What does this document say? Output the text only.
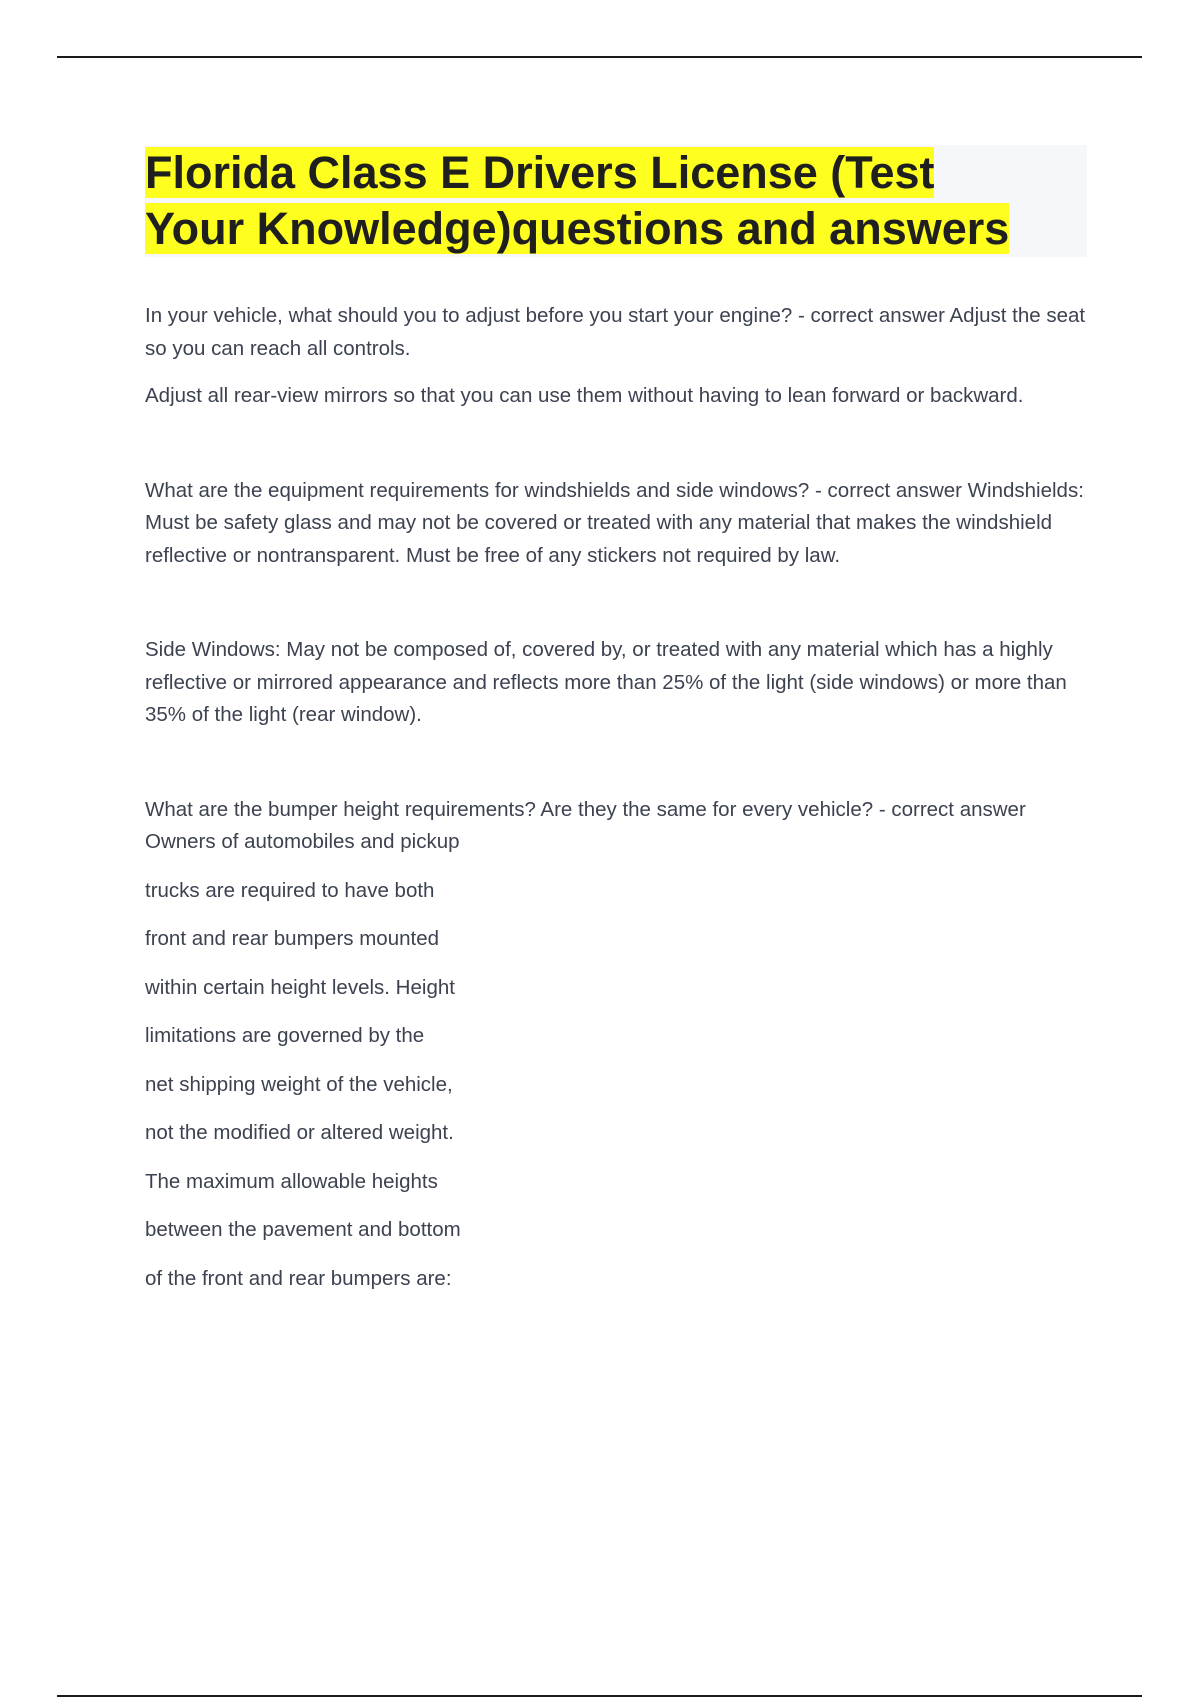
Florida Class E Drivers License (Test
Your Knowledge)questions and answers

In your vehicle, what should you to adjust before you start your engine? - correct answer Adjust the seat so you can reach all controls.

Adjust all rear-view mirrors so that you can use them without having to lean forward or backward.

What are the equipment requirements for windshields and side windows? - correct answer Windshields: Must be safety glass and may not be covered or treated with any material that makes the windshield reflective or nontransparent. Must be free of any stickers not required by law.

Side Windows: May not be composed of, covered by, or treated with any material which has a highly reflective or mirrored appearance and reflects more than 25% of the light (side windows) or more than 35% of the light (rear window).

What are the bumper height requirements? Are they the same for every vehicle? - correct answer Owners of automobiles and pickup

trucks are required to have both

front and rear bumpers mounted

within certain height levels. Height

limitations are governed by the

net shipping weight of the vehicle,

not the modified or altered weight.

The maximum allowable heights

between the pavement and bottom

of the front and rear bumpers are:
